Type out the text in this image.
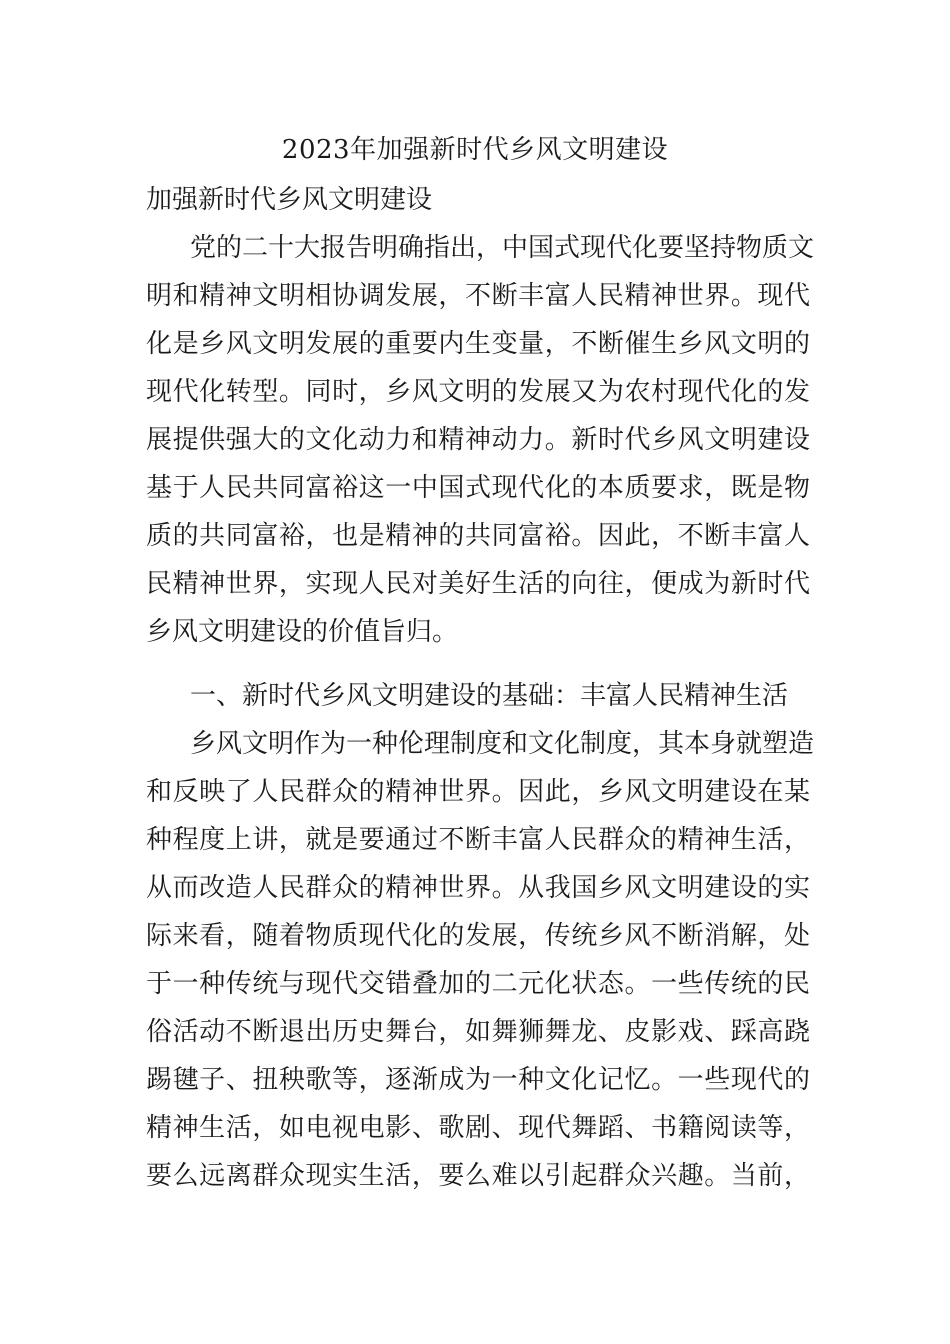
2023年加强新时代乡风文明建设
加强新时代乡风文明建设
党的二十大报告明确指出，中国式现代化要坚持物质文
明和精神文明相协调发展，不断丰富人民精神世界。现代
化是乡风文明发展的重要内生变量，不断催生乡风文明的
现代化转型。同时，乡风文明的发展又为农村现代化的发
展提供强大的文化动力和精神动力。新时代乡风文明建设
基于人民共同富裕这一中国式现代化的本质要求，既是物
质的共同富裕，也是精神的共同富裕。因此，不断丰富人
民精神世界，实现人民对美好生活的向往，便成为新时代
乡风文明建设的价值旨归。
一、新时代乡风文明建设的基础：丰富人民精神生活
乡风文明作为一种伦理制度和文化制度，其本身就塑造
和反映了人民群众的精神世界。因此，乡风文明建设在某
种程度上讲，就是要通过不断丰富人民群众的精神生活，
从而改造人民群众的精神世界。从我国乡风文明建设的实
际来看，随着物质现代化的发展，传统乡风不断消解，处
于一种传统与现代交错叠加的二元化状态。一些传统的民
俗活动不断退出历史舞台，如舞狮舞龙、皮影戏、踩高跷
踢毽子、扭秧歌等，逐渐成为一种文化记忆。一些现代的
精神生活，如电视电影、歌剧、现代舞蹈、书籍阅读等，
要么远离群众现实生活，要么难以引起群众兴趣。当前，
